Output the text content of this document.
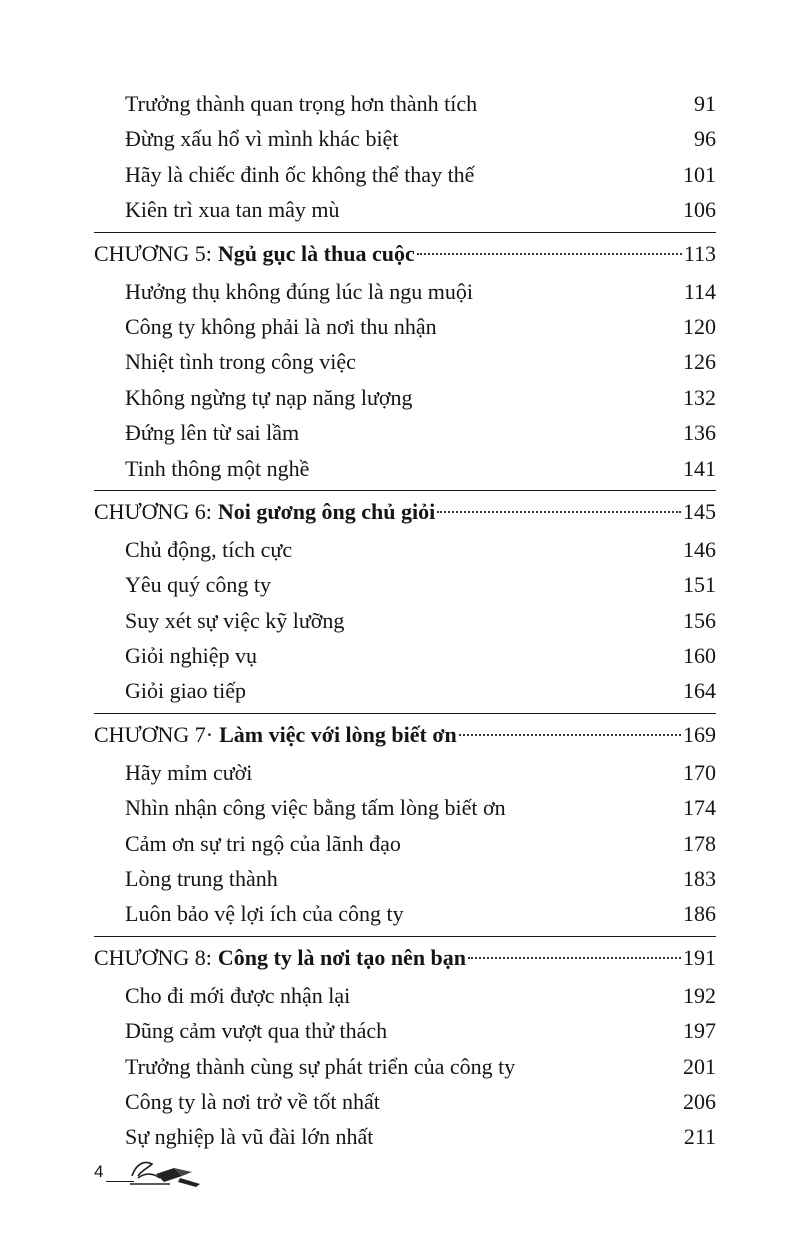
Trưởng thành quan trọng hơn thành tích	91
Đừng xấu hổ vì mình khác biệt	96
Hãy là chiếc đinh ốc không thể thay thế	101
Kiên trì xua tan mây mù	106
CHƯƠNG 5: Ngủ gục là thua cuộc	113
Hưởng thụ không đúng lúc là ngu muội	114
Công ty không phải là nơi thu nhận	120
Nhiệt tình trong công việc	126
Không ngừng tự nạp năng lượng	132
Đứng lên từ sai lầm	136
Tinh thông một nghề	141
CHƯƠNG 6: Noi gương ông chủ giỏi	145
Chủ động, tích cực	146
Yêu quý công ty	151
Suy xét sự việc kỹ lưỡng	156
Giỏi nghiệp vụ	160
Giỏi giao tiếp	164
CHƯƠNG 7· Làm việc với lòng biết ơn	169
Hãy mỉm cười	170
Nhìn nhận công việc bằng tấm lòng biết ơn	174
Cảm ơn sự tri ngộ của lãnh đạo	178
Lòng trung thành	183
Luôn bảo vệ lợi ích của công ty	186
CHƯƠNG 8: Công ty là nơi tạo nên bạn	191
Cho đi mới được nhận lại	192
Dũng cảm vượt qua thử thách	197
Trưởng thành cùng sự phát triển của công ty	201
Công ty là nơi trở về tốt nhất	206
Sự nghiệp là vũ đài lớn nhất	211
4
